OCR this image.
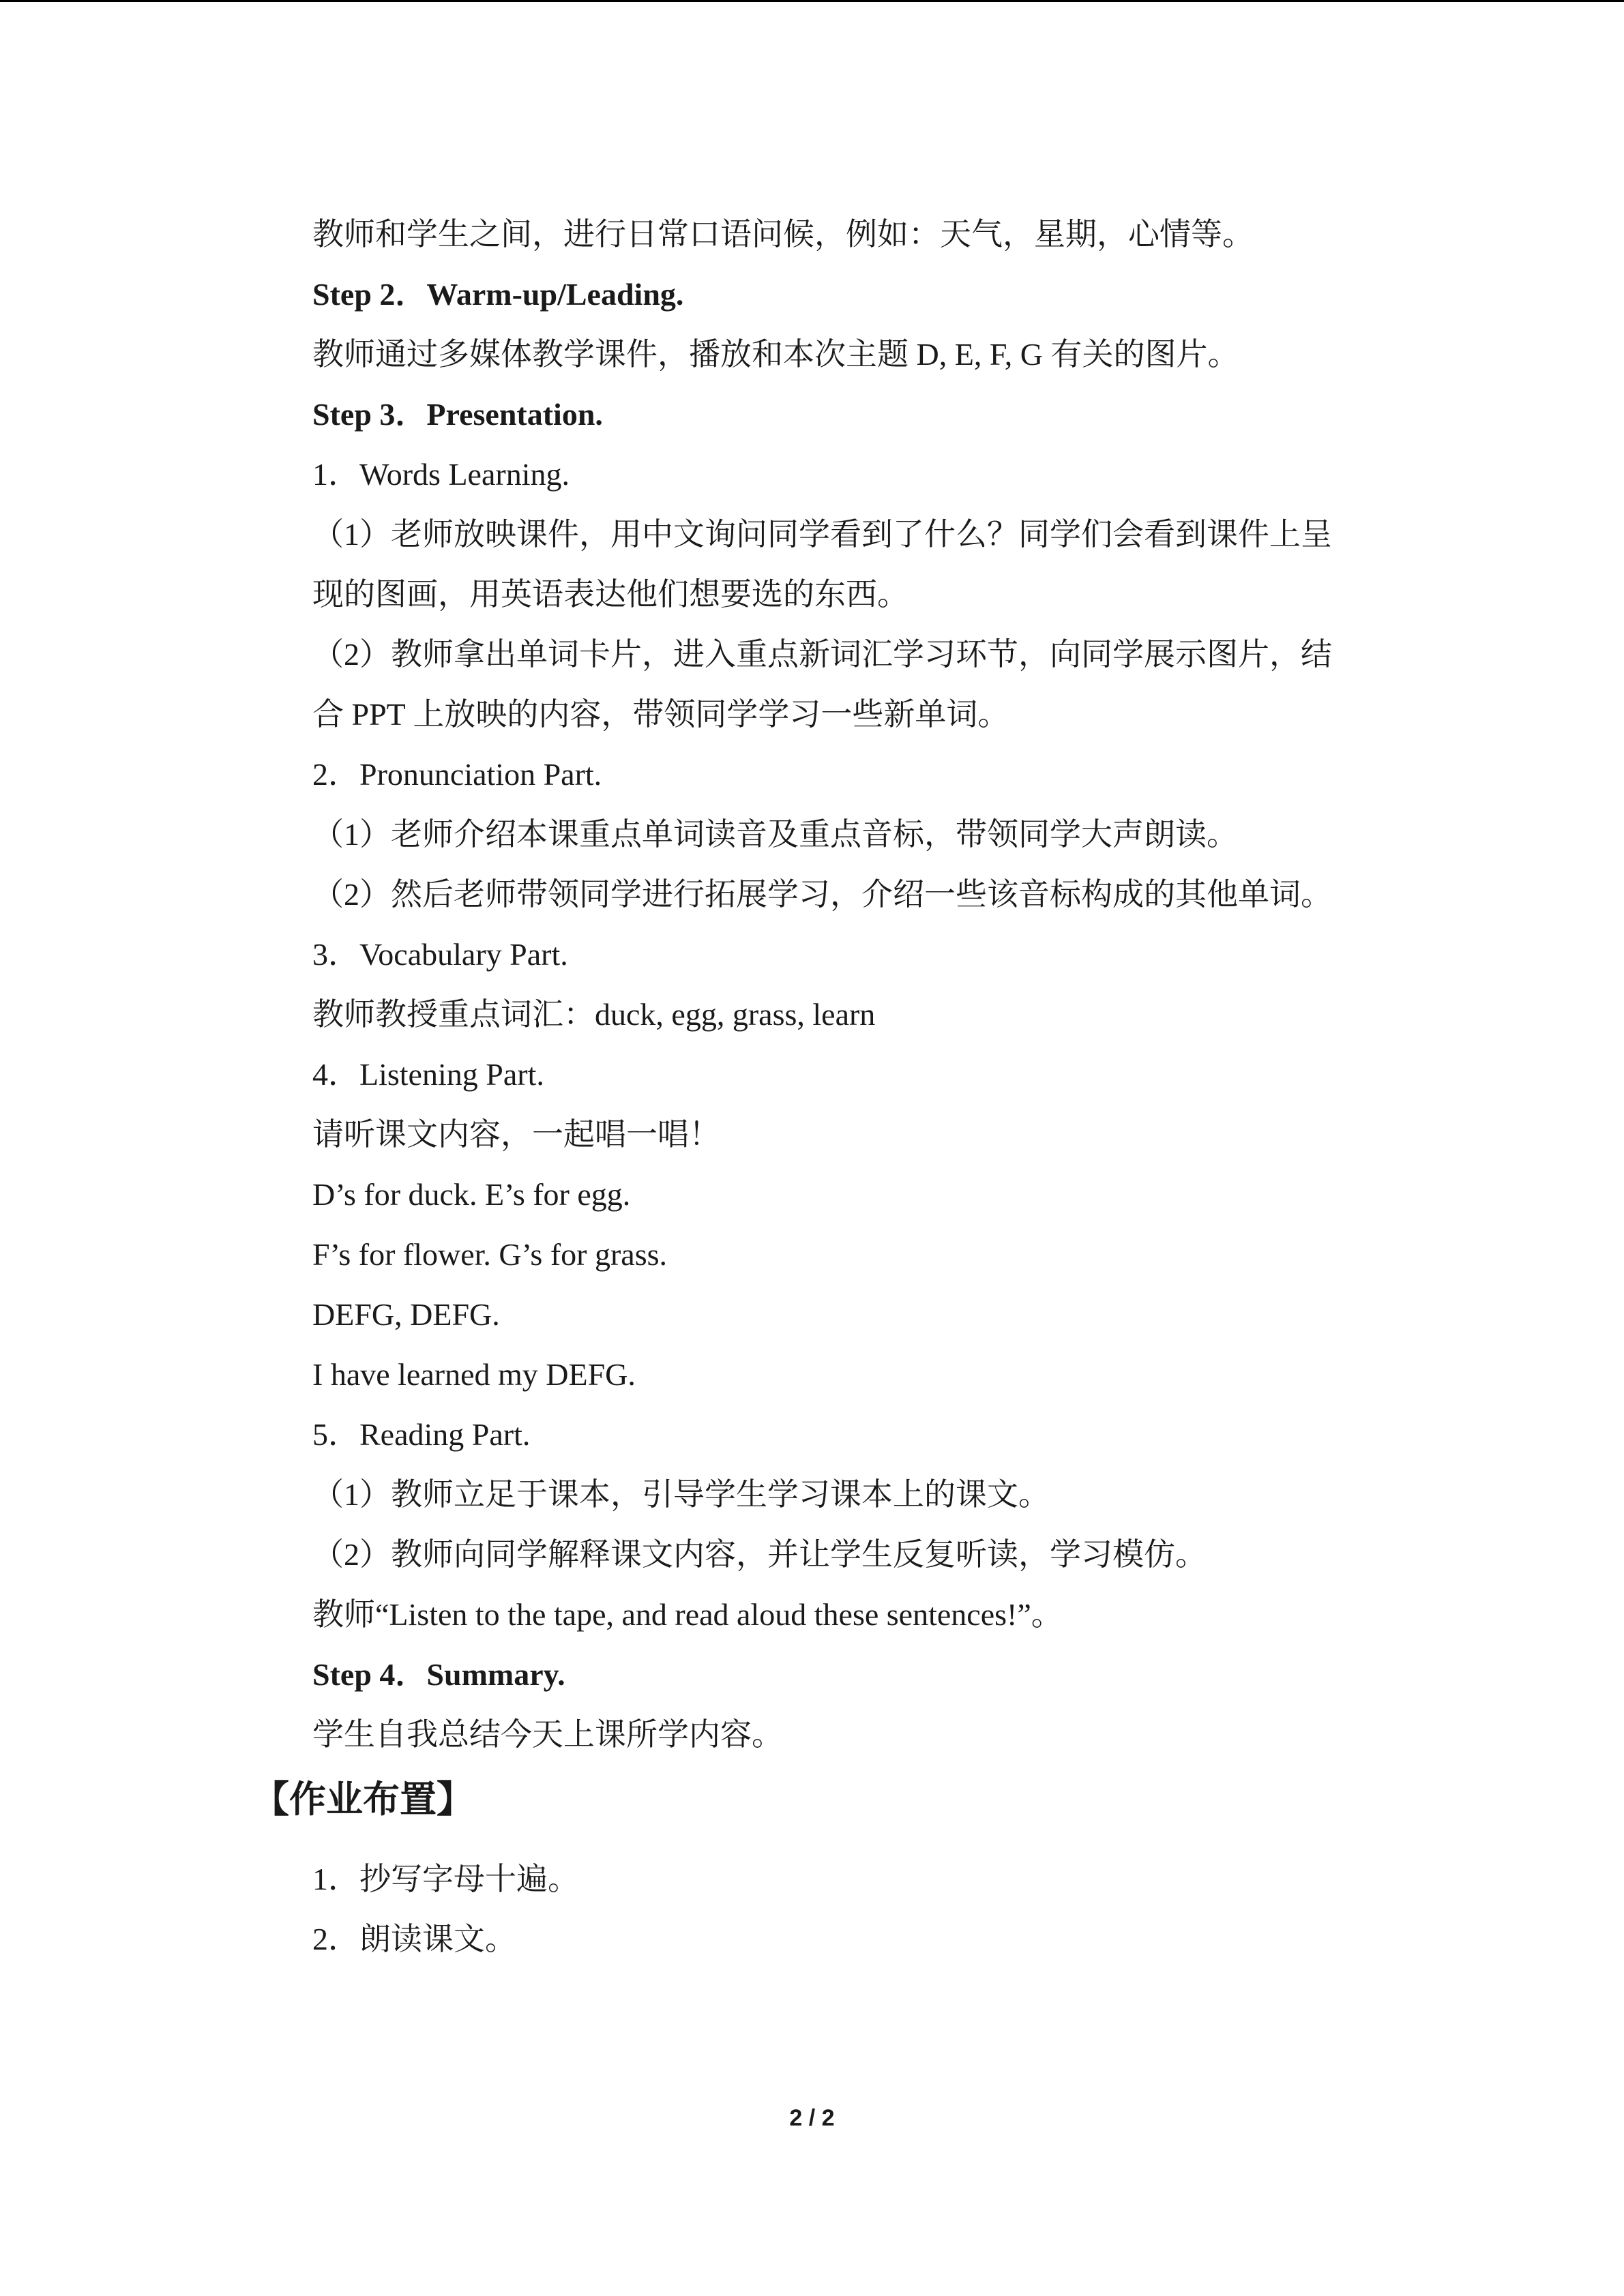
教师和学生之间，进行日常口语问候，例如：天气，星期，心情等。
Step 2．Warm-up/Leading.
教师通过多媒体教学课件，播放和本次主题 D, E, F, G 有关的图片。
Step 3．Presentation.
1．Words Learning.
（1）老师放映课件，用中文询问同学看到了什么？同学们会看到课件上呈
现的图画，用英语表达他们想要选的东西。
（2）教师拿出单词卡片，进入重点新词汇学习环节，向同学展示图片，结
合 PPT 上放映的内容，带领同学学习一些新单词。
2．Pronunciation Part.
（1）老师介绍本课重点单词读音及重点音标，带领同学大声朗读。
（2）然后老师带领同学进行拓展学习，介绍一些该音标构成的其他单词。
3．Vocabulary Part.
教师教授重点词汇：duck, egg, grass, learn
4．Listening Part.
请听课文内容，一起唱一唱！
D’s for duck. E’s for egg.
F’s for flower. G’s for grass.
DEFG, DEFG.
I have learned my DEFG.
5．Reading Part.
（1）教师立足于课本，引导学生学习课本上的课文。
（2）教师向同学解释课文内容，并让学生反复听读，学习模仿。
教师“Listen to the tape, and read aloud these sentences!”。
Step 4．Summary.
学生自我总结今天上课所学内容。
【作业布置】
1．抄写字母十遍。
2．朗读课文。
2 / 2
